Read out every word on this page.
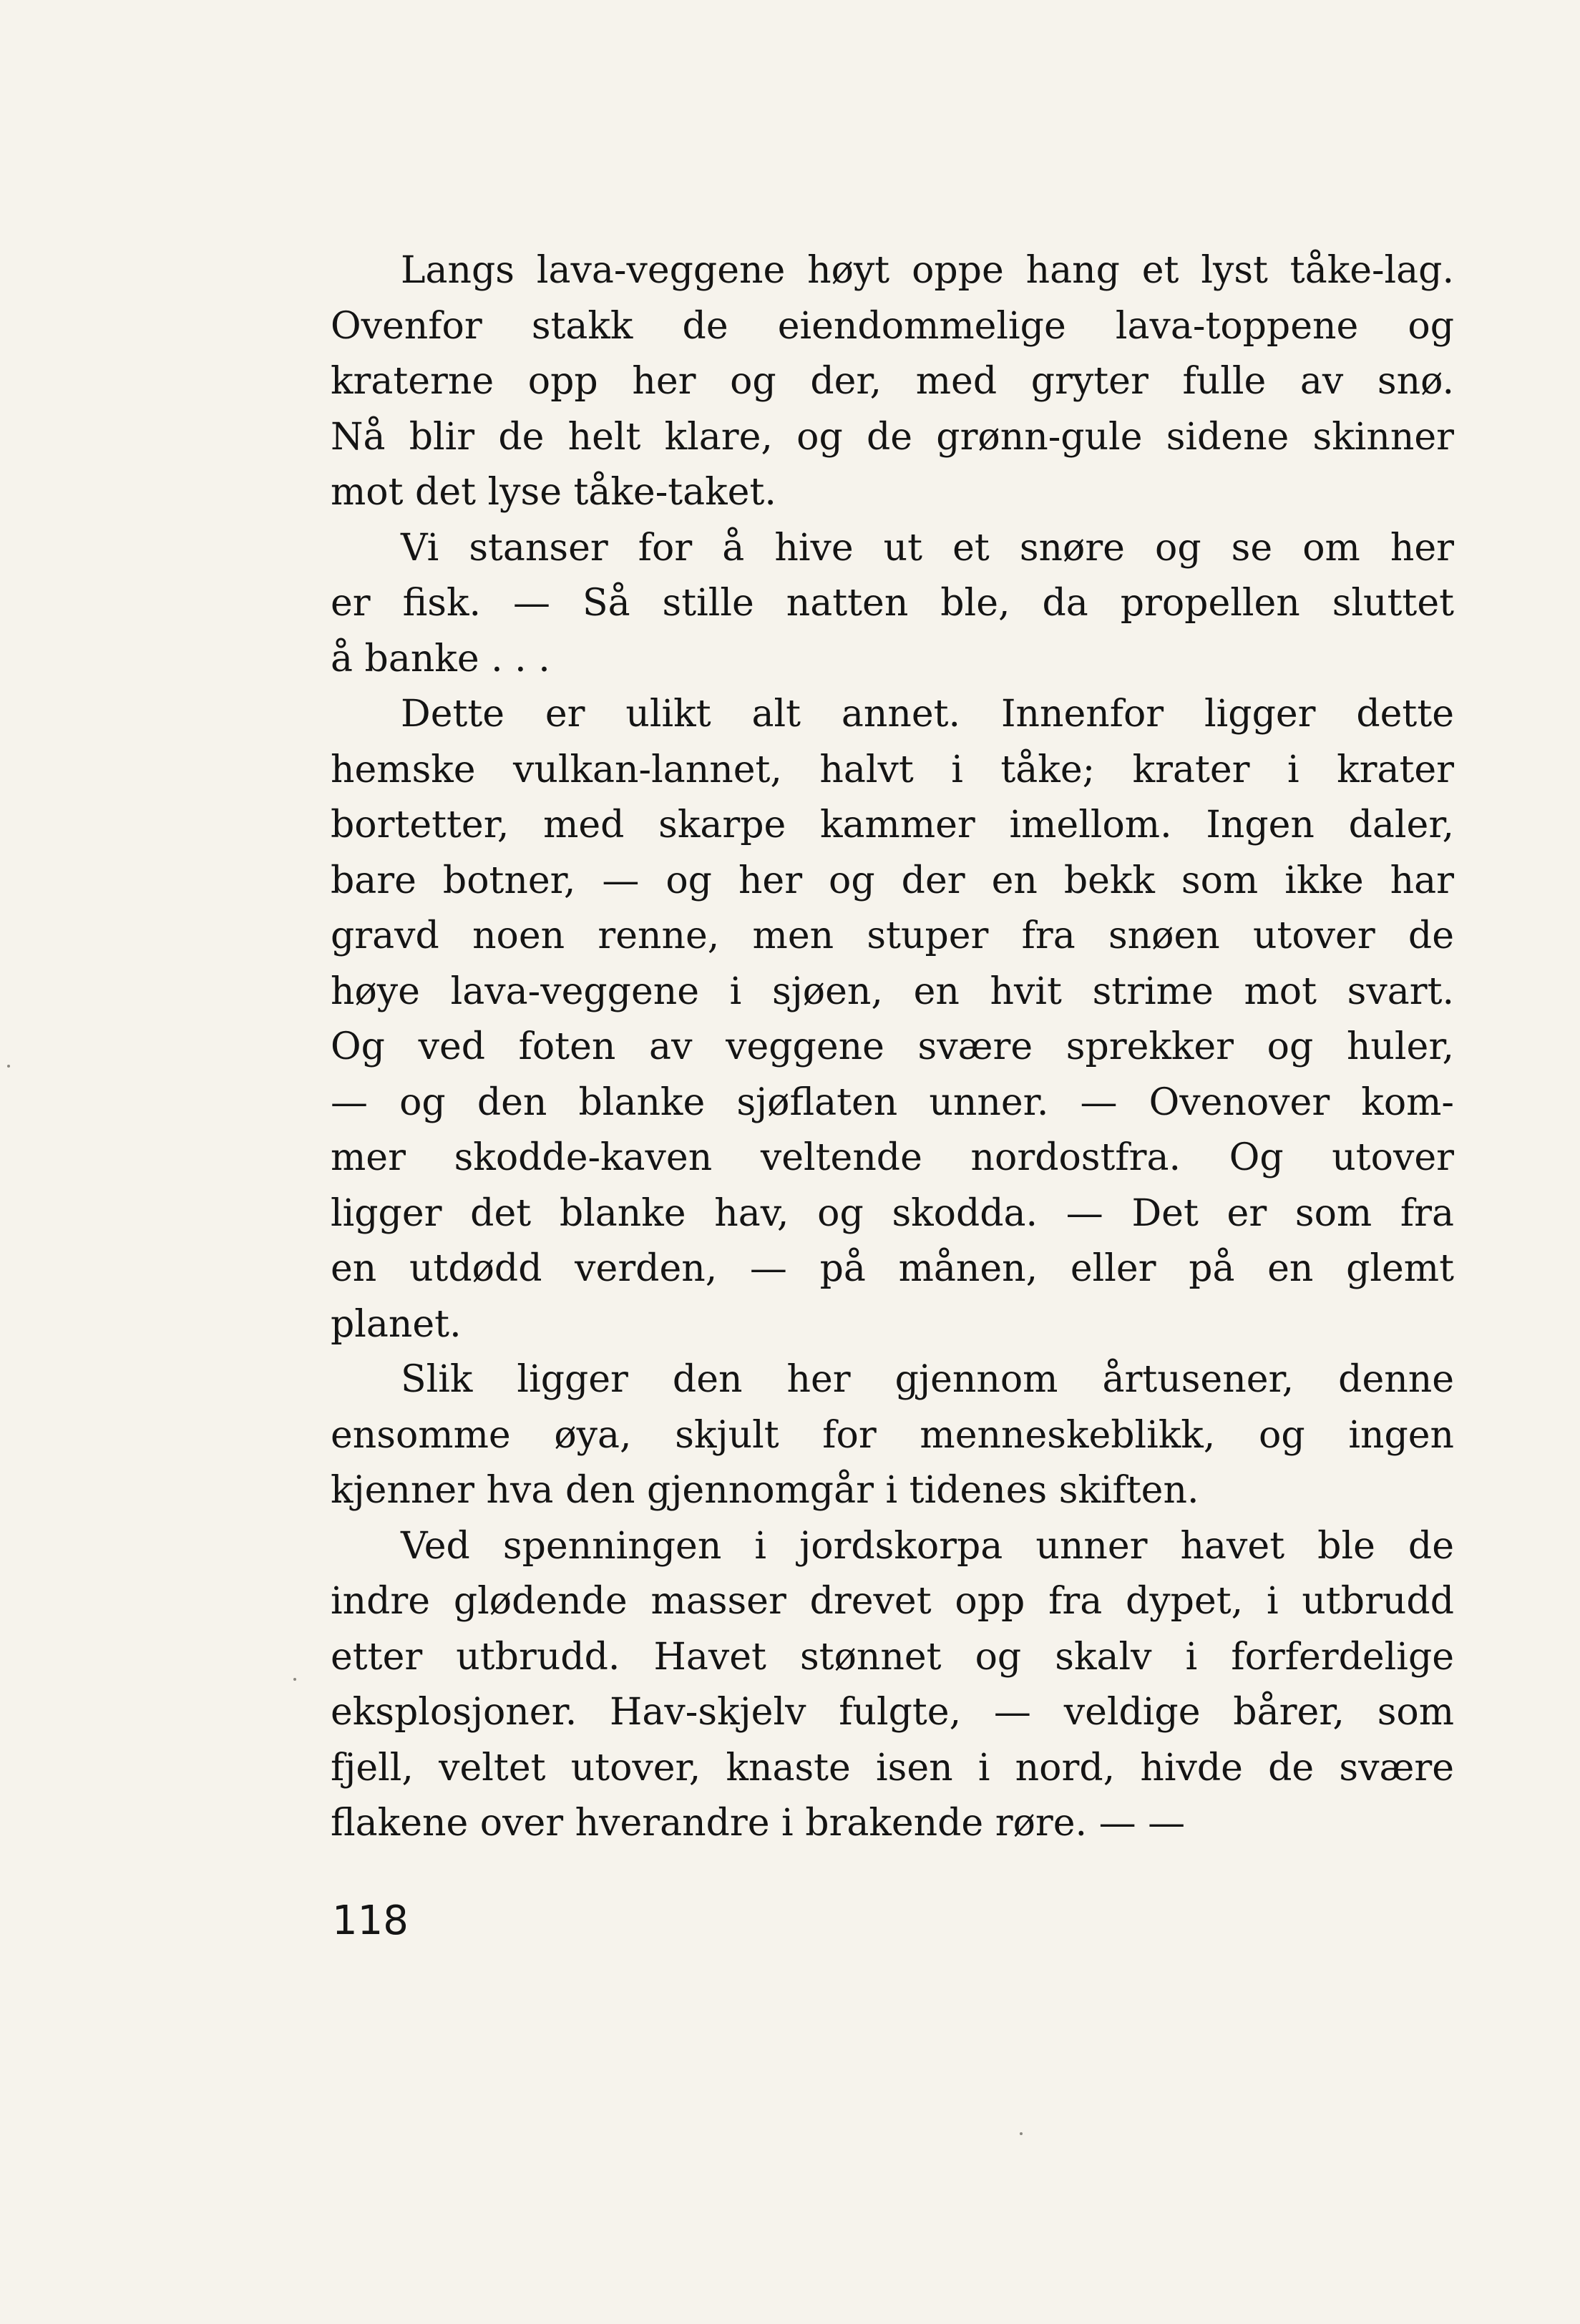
Langs lava-veggene høyt oppe hang et lyst tåke-lag.
Ovenfor stakk de eiendommelige lava-toppene og
kraterne opp her og der, med gryter fulle av snø.
Nå blir de helt klare, og de grønn-gule sidene skinner
mot det lyse tåke-taket.
Vi stanser for å hive ut et snøre og se om her
er fisk. — Så stille natten ble, da propellen sluttet
å banke . . .
Dette er ulikt alt annet. Innenfor ligger dette
hemske vulkan-lannet, halvt i tåke; krater i krater
bortetter, med skarpe kammer imellom. Ingen daler,
bare botner, — og her og der en bekk som ikke har
gravd noen renne, men stuper fra snøen utover de
høye lava-veggene i sjøen, en hvit strime mot svart.
Og ved foten av veggene svære sprekker og huler,
— og den blanke sjøflaten unner. — Ovenover kom-
mer skodde-kaven veltende nordostfra. Og utover
ligger det blanke hav, og skodda. — Det er som fra
en utdødd verden, — på månen, eller på en glemt
planet.
Slik ligger den her gjennom årtusener, denne
ensomme øya, skjult for menneskeblikk, og ingen
kjenner hva den gjennomgår i tidenes skiften.
Ved spenningen i jordskorpa unner havet ble de
indre glødende masser drevet opp fra dypet, i utbrudd
etter utbrudd. Havet stønnet og skalv i forferdelige
eksplosjoner. Hav-skjelv fulgte, — veldige bårer, som
fjell, veltet utover, knaste isen i nord, hivde de svære
flakene over hverandre i brakende røre. — —
118
